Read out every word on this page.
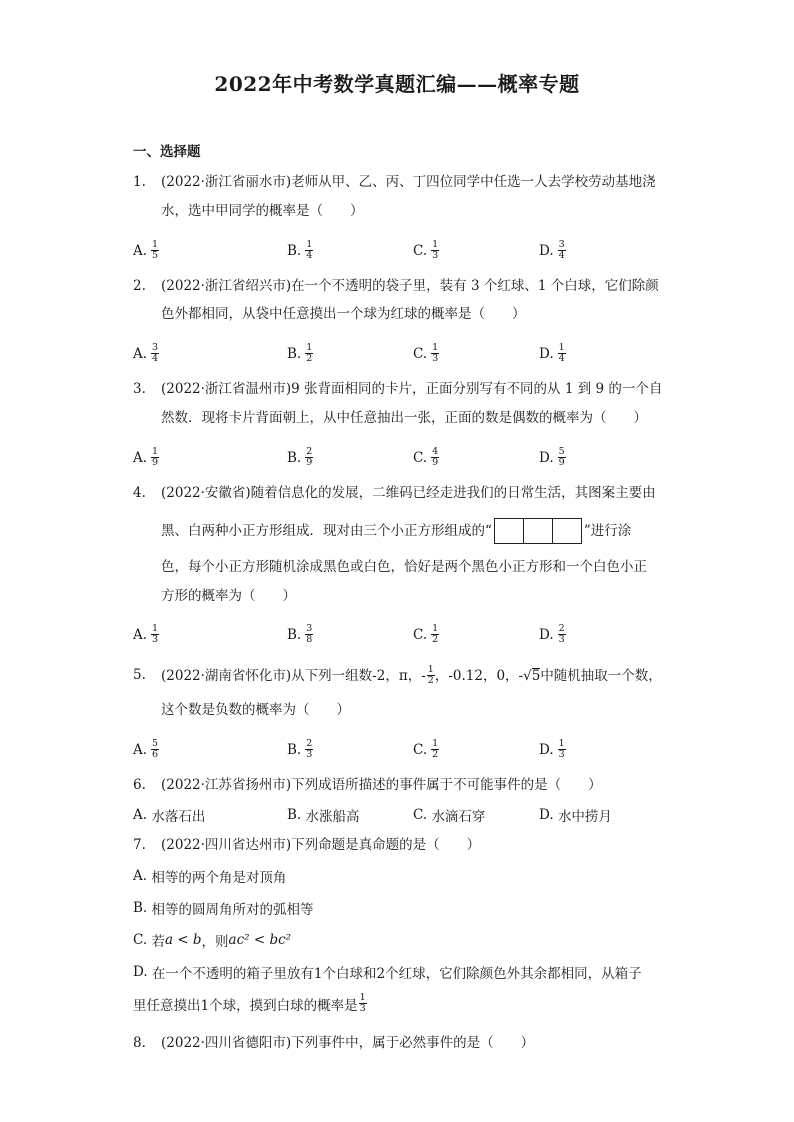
2022年中考数学真题汇编——概率专题
一、选择题
1.	(2022·浙江省丽水市)老师从甲、乙、丙、丁四位同学中任选一人去学校劳动基地浇
水，选中甲同学的概率是（　　）
A. $\frac{1}{5}$	B. $\frac{1}{4}$	C. $\frac{1}{3}$	D. $\frac{3}{4}$
2.	(2022·浙江省绍兴市)在一个不透明的袋子里，装有 3 个红球、1 个白球，它们除颜
色外都相同，从袋中任意摸出一个球为红球的概率是（　　）
A. $\frac{3}{4}$	B. $\frac{1}{2}$	C. $\frac{1}{3}$	D. $\frac{1}{4}$
3.	(2022·浙江省温州市)9 张背面相同的卡片，正面分别写有不同的从 1 到 9 的一个自
然数．现将卡片背面朝上，从中任意抽出一张，正面的数是偶数的概率为（　　）
A. $\frac{1}{9}$	B. $\frac{2}{9}$	C. $\frac{4}{9}$	D. $\frac{5}{9}$
4.	(2022·安徽省)随着信息化的发展，二维码已经走进我们的日常生活，其图案主要由
黑、白两种小正方形组成．现对由三个小正方形组成的“	”进行涂
色，每个小正方形随机涂成黑色或白色，恰好是两个黑色小正方形和一个白色小正
方形的概率为（　　）
A. $\frac{1}{3}$	B. $\frac{3}{8}$	C. $\frac{1}{2}$	D. $\frac{2}{3}$
5.	(2022·湖南省怀化市)从下列一组数-2，π， - $\frac{1}{2}$ ，-0.12，0，- √ 5 中随机抽取一个数，
这个数是负数的概率为（　　）
A. $\frac{5}{6}$	B. $\frac{2}{3}$	C. $\frac{1}{2}$	D. $\frac{1}{3}$
6.	(2022·江苏省扬州市)下列成语所描述的事件属于不可能事件的是（　　）
A.
水落石出	B.
水涨船高	C.
水滴石穿	D.
水中捞月
7.	(2022·四川省达州市)下列命题是真命题的是（　　）
A.
相等的两个角是对顶角
B.
相等的圆周角所对的弧相等
C.
若 a < b ，则 ac² < bc²
D.
在一个不透明的箱子里放有1个白球和2个红球，它们除颜色外其余都相同，从箱子
里任意摸出1个球，摸到白球的概率是 $\frac{1}{3}$
8.	(2022·四川省德阳市)下列事件中，属于必然事件的是（　　）
